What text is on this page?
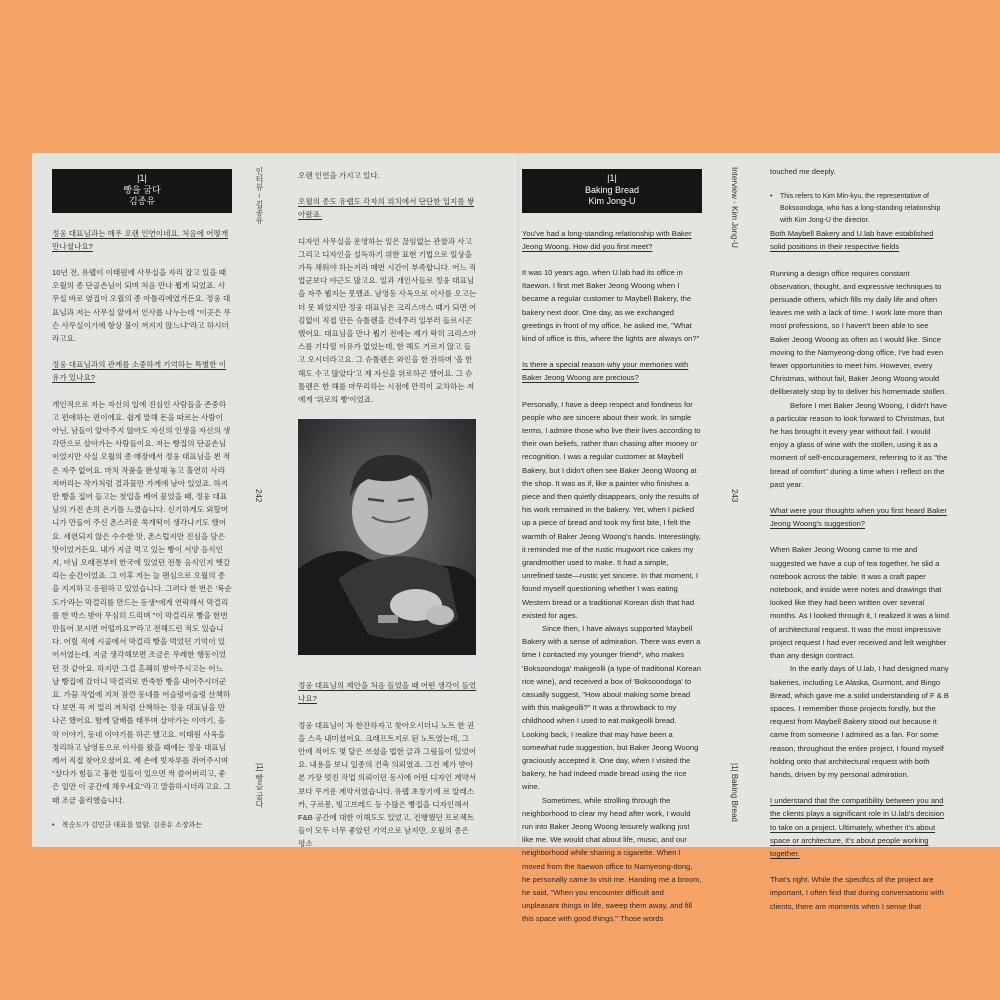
|1|
빵을 굽다
김종유
정웅 대표님과는 매우 오랜 인연이네요. 처음에 어떻게 만나셨나요?

10년 전, 유랩이 이태원에 사무실을 자리 잡고 있을 때 오월의 종 단골손님이 되며 처음 만나 뵙게 되었죠. 사무실 바로 옆집이 오월의 종 아틀리에였거든요. 정웅 대표님과 저는 사무실 앞에서 인사를 나누는데 "이곳은 무슨 사무실이기에 항상 불이 꺼지지 않느냐"라고 하시더라고요.

정웅 대표님과의 관계를 소중하게 기억하는 특별한 이유가 있나요?

개인적으로 저는 자신의 일에 진심인 사람들을 존중하고 편애하는 편이에요. 쉽게 말해 돈을 따르는 사람이 아닌, 남들이 알아주지 않아도 자신의 인생을 자신의 생각만으로 살아가는 사람들이요. 저는 빵집의 단골손님이었지만 사실 오월의 종 매장에서 정웅 대표님을 뵌 적은 자주 없어요. 마치 작품을 완성해 놓고 홀연히 사라져버리는 작가처럼 결과물만 가게에 남아 있었죠. 하지만 빵을 집어 들고는 첫입을 베어 물었을 때, 정웅 대표님의 가진 손의 온기를 느꼈습니다. 신기하게도 외할머니가 만들어 주신 촌스러운 쑥개떡이 생각나기도 했어요. 세련되지 않은 수수한 맛, 촌스럽지만 진심을 담은 맛이었거든요. 내가 지금 먹고 있는 빵이 서양 음식인지, 아님 오래전부터 한국에 있었던 전통 음식인지 헷갈리는 순간이었죠. 그 이후 저는 늘 팬심으로 오월의 종을 지지하고 응원하고 있었습니다. 그러다 한 번은 '복순도가'라는 막걸리를 만드는 동생*에게 연락해서 막걸리를 한 박스 받아 무심히 드리며 "이 막걸리로 빵을 한번 만들어 보시면 어떨까요?"라고 전해드린 적도 있습니다. 어릴 적에 시골에서 막걸리 빵을 먹었던 기억이 있어서였는데, 지금 생각해보면 조금은 무례한 행동이었던 것 같아요. 하지만 그걸 흔쾌히 받아주시고는 어느 날 빵집에 갔더니 막걸리로 반죽한 빵을 내어주시더군요. 가끔 작업에 지쳐 잠깐 동네를 어슬렁어슬렁 산책하다 보면 꼭 저 멀리 저처럼 산책하는 정웅 대표님을 만나곤 했어요. 함께 담배를 태우며 살아가는 이야기, 음악 이야기, 동네 이야기를 하곤 했고요. 이태원 사옥을 정리하고 남영동으로 이사를 왔을 때에는 정웅 대표님께서 직접 찾아오셨어요. 제 손에 빗자루를 쥐어주시며 "살다가 힘들고 흉한 일들이 있으면 싹 쓸어버리고, 좋은 일만 이 공간에 채우세요"라고 말씀하시더라고요. 그때 조금 울컥했습니다.

• 복순도가 김민규 대표를 말함. 김종유 소장과는
인터뷰 – 김종유
242
|1| 빵을 굽다

오랜 인연을 가지고 있다.

오월의 종도 유랩도 각자의 위치에서 단단한 입지를 쌓아왔죠.

디자인 사무실을 운영하는 일은 끊임없는 관찰과 사고 그리고 디자인을 설득하기 위한 표현 기법으로 일상을 가득 채워야 하는지라 매번 시간이 부족합니다. 어느 직업군보다 야근도 많고요. 일과 개인사들로 정웅 대표님을 자주 뵙지는 못했죠. 남영동 사옥으로 이사를 오고는 더 못 뵈었지만 정웅 대표님은 크리스마스 때가 되면 어김없이 직접 만든 슈톨렌을 건네주러 일부러 들르시곤 했어요. 대표님을 만나 뵙기 전에는 제가 딱히 크리스마스를 기다릴 이유가 없었는데, 한 해도 거르지 않고 들고 오시더라고요. 그 슈톨렌은 와인을 한 잔하며 '올 한 해도 수고 많았다'고 제 자신을 위로하곤 했어요. 그 슈톨렌은 한 해를 마무리하는 시점에 만끽이 교차하는 저에게 '위로의 빵'이었죠.

정웅 대표님의 제안을 처음 들었을 때 어떤 생각이 들었나요?

정웅 대표님이 차 한잔하자고 찾아오시더니 노트 한 권을 스윽 내미셨어요. 크래프트지로 된 노트였는데, 그 안에 적어도 몇 달은 쓰셨을 법한 글과 그림들이 있었어요. 내용을 보니 일종의 건축 의뢰였죠. 그건 제가 받아본 가장 멋진 작업 의뢰이던 동시에 어떤 디자인 계약서보다 무거운 계약서였습니다. 유랩 초창기에 르 알래스카, 구르몽, 빙고브레드 등 수많은 빵집을 디자인해서 F&B 공간에 대한 이해도도 있었고, 진행했던 프로젝트들이 모두 너무 좋았던 기억으로 남지만, 오월의 종은 평소

|1|
Baking Bread
Kim Jong-U
You've had a long-standing relationship with Baker Jeong Woong. How did you first meet?

It was 10 years ago, when U.lab had its office in Itaewon. I first met Baker Jeong Woong when I became a regular customer to Maybell Bakery, the bakery next door. One day, as we exchanged greetings in front of my office, he asked me, "What kind of office is this, where the lights are always on?"

Is there a special reason why your memories with Baker Jeong Woong are precious?

Personally, I have a deep respect and fondness for people who are sincere about their work. In simple terms, I admire those who live their lives according to their own beliefs, rather than chasing after money or recognition. I was a regular customer at Maybell Bakery, but I didn't often see Baker Jeong Woong at the shop. It was as if, like a painter who finishes a piece and then quietly disappears, only the results of his work remained in the bakery. Yet, when I picked up a piece of bread and took my first bite, I felt the warmth of Baker Jeong Woong's hands. Interestingly, it reminded me of the rustic mugwort rice cakes my grandmother used to make. It had a simple, unrefined taste—rustic yet sincere. In that moment, I found myself questioning whether I was eating Western bread or a traditional Korean dish that had existed for ages.

Since then, I have always supported Maybell Bakery with a sense of admiration. There was even a time I contacted my younger friend*, who makes 'Boksoondoga' makgeolli (a type of traditional Korean rice wine), and received a box of 'Boksoondoga' to casually suggest, "How about making some bread with this makgeolli?" It was a throwback to my childhood when I used to eat makgeolli bread. Looking back, I realize that may have been a somewhat rude suggestion, but Baker Jeong Woong graciously accepted it. One day, when I visited the bakery, he had indeed made bread using the rice wine.

Sometimes, while strolling through the neighborhood to clear my head after work, I would run into Baker Jeong Woong leisurely walking just like me. We would chat about life, music, and our neighborhood while sharing a cigarette. When I moved from the Itaewon office to Namyeong-dong, he personally came to visit me. Handing me a broom, he said, "When you encounter difficult and unpleasant things in life, sweep them away, and fill this space with good things." Those words

Interview - Kim Jong-U
243
|1| Baking Bread

touched me deeply.

• This refers to Kim Min-kyu, the representative of Boksoondoga, who has a long-standing relationship with Kim Jong-U the director.
Both Maybell Bakery and U.lab have established solid positions in their respective fields

Running a design office requires constant observation, thought, and expressive techniques to persuade others, which fills my daily life and often leaves me with a lack of time. I work late more than most professions, so I haven't been able to see Baker Jeong Woong as often as I would like. Since moving to the Namyeong-dong office, I've had even fewer opportunities to meet him. However, every Christmas, without fail, Baker Jeong Woong would deliberately stop by to deliver his homemade stollen.

Before I met Baker Jeong Woong, I didn't have a particular reason to look forward to Christmas, but he has brought it every year without fail. I would enjoy a glass of wine with the stollen, using it as a moment of self-encouragement, referring to it as "the bread of comfort" during a time when I reflect on the past year.

What were your thoughts when you first heard Baker Jeong Woong's suggestion?

When Baker Jeong Woong came to me and suggested we have a cup of tea together, he slid a notebook across the table. It was a craft paper notebook, and inside were notes and drawings that looked like they had been written over several months. As I looked through it, I realized it was a kind of architectural request. It was the most impressive project request I had ever received and felt weightier than any design contract.

In the early days of U.lab, I had designed many bakeries, including Le Alaska, Gurmont, and Bingo Bread, which gave me a solid understanding of F & B spaces. I remember those projects fondly, but the request from Maybell Bakery stood out because it came from someone I admired as a fan. For some reason, throughout the entire project, I found myself holding onto that architectural request with both hands, driven by my personal admiration.

I understand that the compatibility between you and the clients plays a significant role in U.lab's decision to take on a project. Ultimately, whether it's about space or architecture, it's about people working together.

That's right. While the specifics of the project are important, I often find that during conversations with clients, there are moments when I sense that
